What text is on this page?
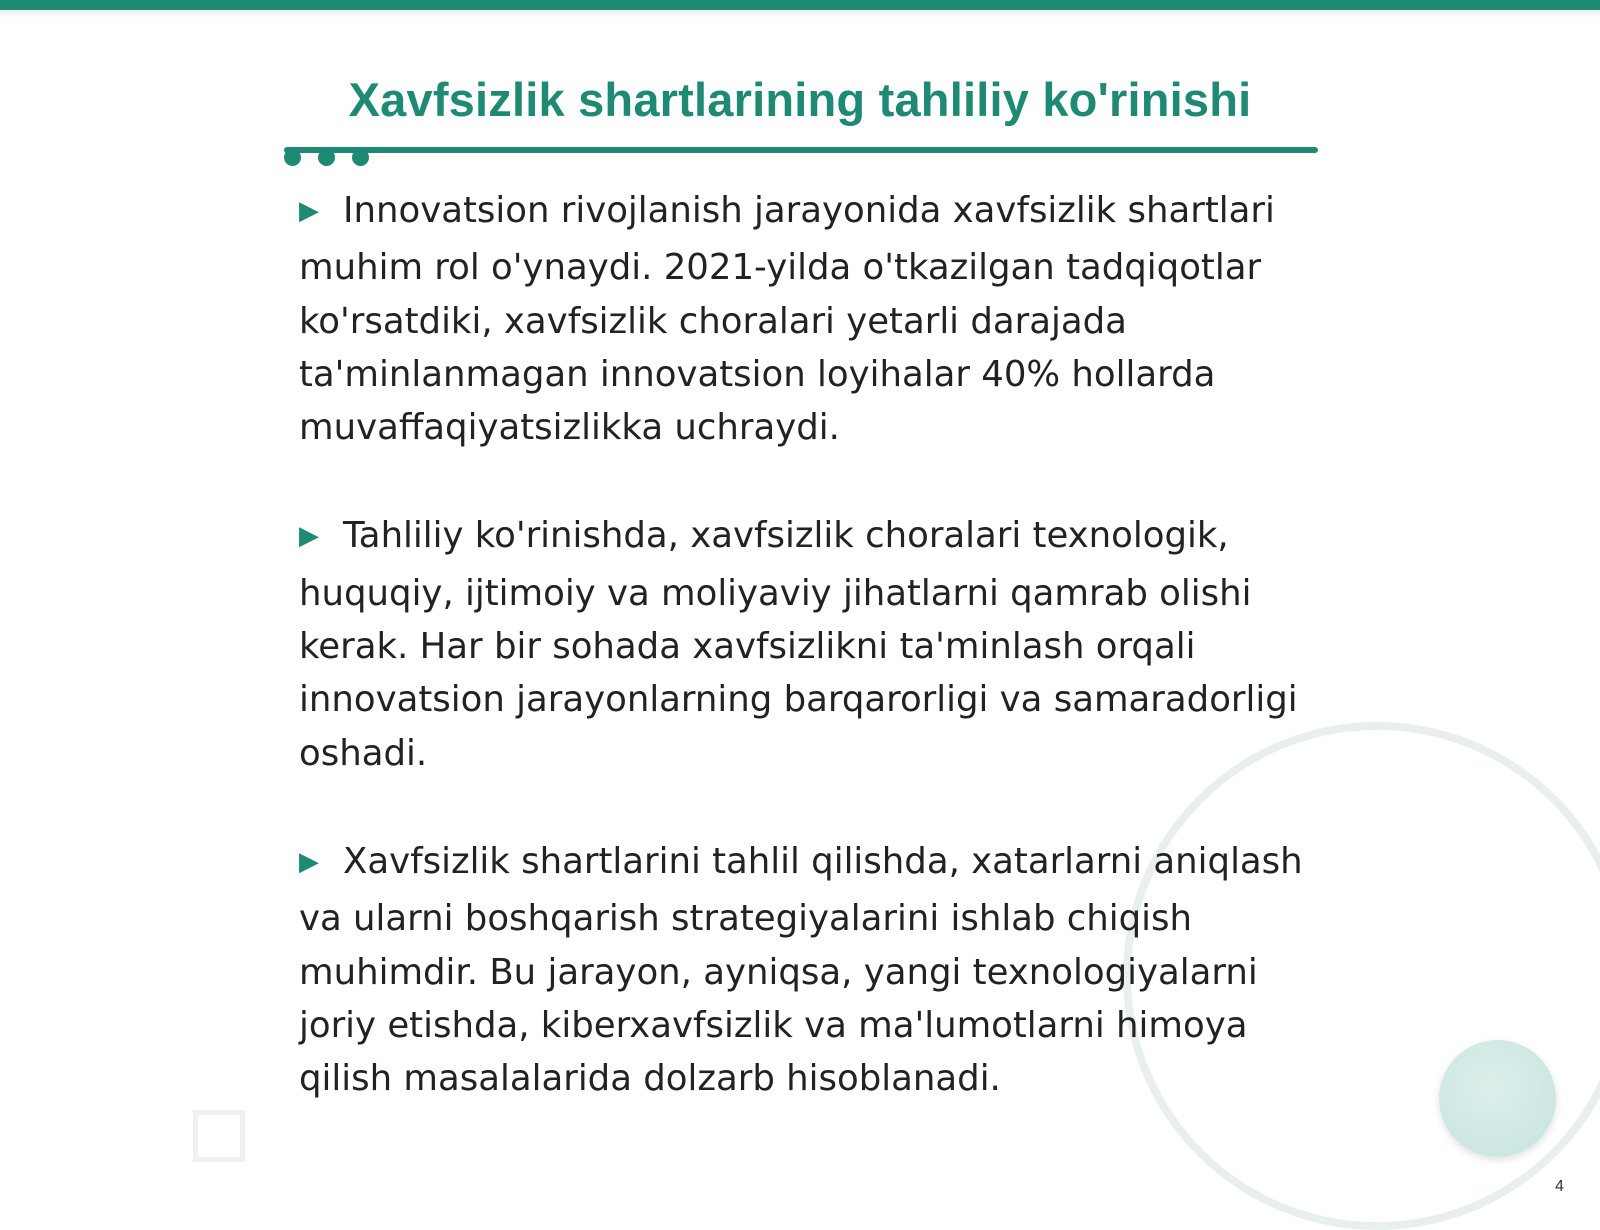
Xavfsizlik shartlarining tahliliy ko'rinishi

▶ Innovatsion rivojlanish jarayonida xavfsizlik shartlari muhim rol o'ynaydi. 2021-yilda o'tkazilgan tadqiqotlar ko'rsatdiki, xavfsizlik choralari yetarli darajada ta'minlanmagan innovatsion loyihalar 40% hollarda muvaffaqiyatsizlikka uchraydi.

▶ Tahliliy ko'rinishda, xavfsizlik choralari texnologik, huquqiy, ijtimoiy va moliyaviy jihatlarni qamrab olishi kerak. Har bir sohada xavfsizlikni ta'minlash orqali innovatsion jarayonlarning barqarorligi va samaradorligi oshadi.

▶ Xavfsizlik shartlarini tahlil qilishda, xatarlarni aniqlash va ularni boshqarish strategiyalarini ishlab chiqish muhimdir. Bu jarayon, ayniqsa, yangi texnologiyalarni joriy etishda, kiberxavfsizlik va ma'lumotlarni himoya qilish masalalarida dolzarb hisoblanadi.

4
